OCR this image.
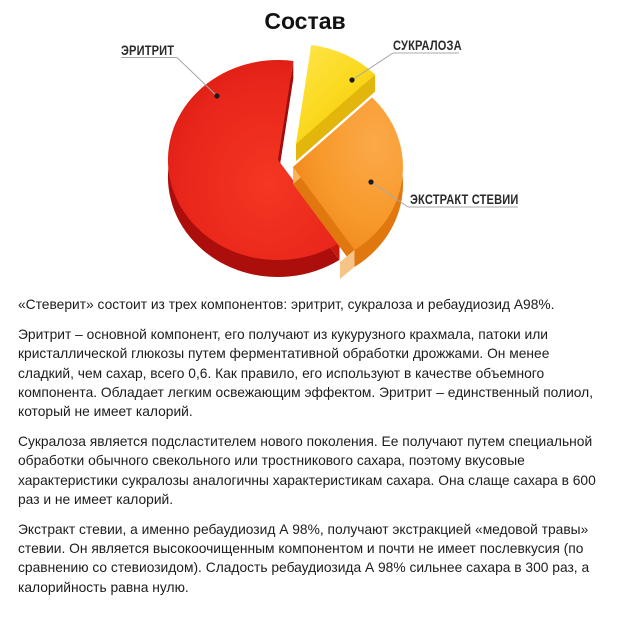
Состав
ЭРИТРИТ	СУКРАЛОЗА
ЭКСТРАКТ СТЕВИИ

«Стеверит» состоит из трех компонентов: эритрит, сукралоза и ребаудиозид А98%.

Эритрит – основной компонент, его получают из кукурузного крахмала, патоки или кристаллической глюкозы путем ферментативной обработки дрожжами. Он менее сладкий, чем сахар, всего 0,6. Как правило, его используют в качестве объемного компонента. Обладает легким освежающим эффектом. Эритрит – единственный полиол, который не имеет калорий.

Сукралоза является подсластителем нового поколения. Ее получают путем специальной обработки обычного свекольного или тростникового сахара, поэтому вкусовые характеристики сукралозы аналогичны характеристикам сахара. Она слаще сахара в 600 раз и не имеет калорий.

Экстракт стевии, а именно ребаудиозид А 98%, получают экстракцией «медовой травы» стевии. Он является высокоочищенным компонентом и почти не имеет послевкусия (по сравнению со стевиозидом). Сладость ребаудиозида А 98% сильнее сахара в 300 раз, а калорийность равна нулю.
